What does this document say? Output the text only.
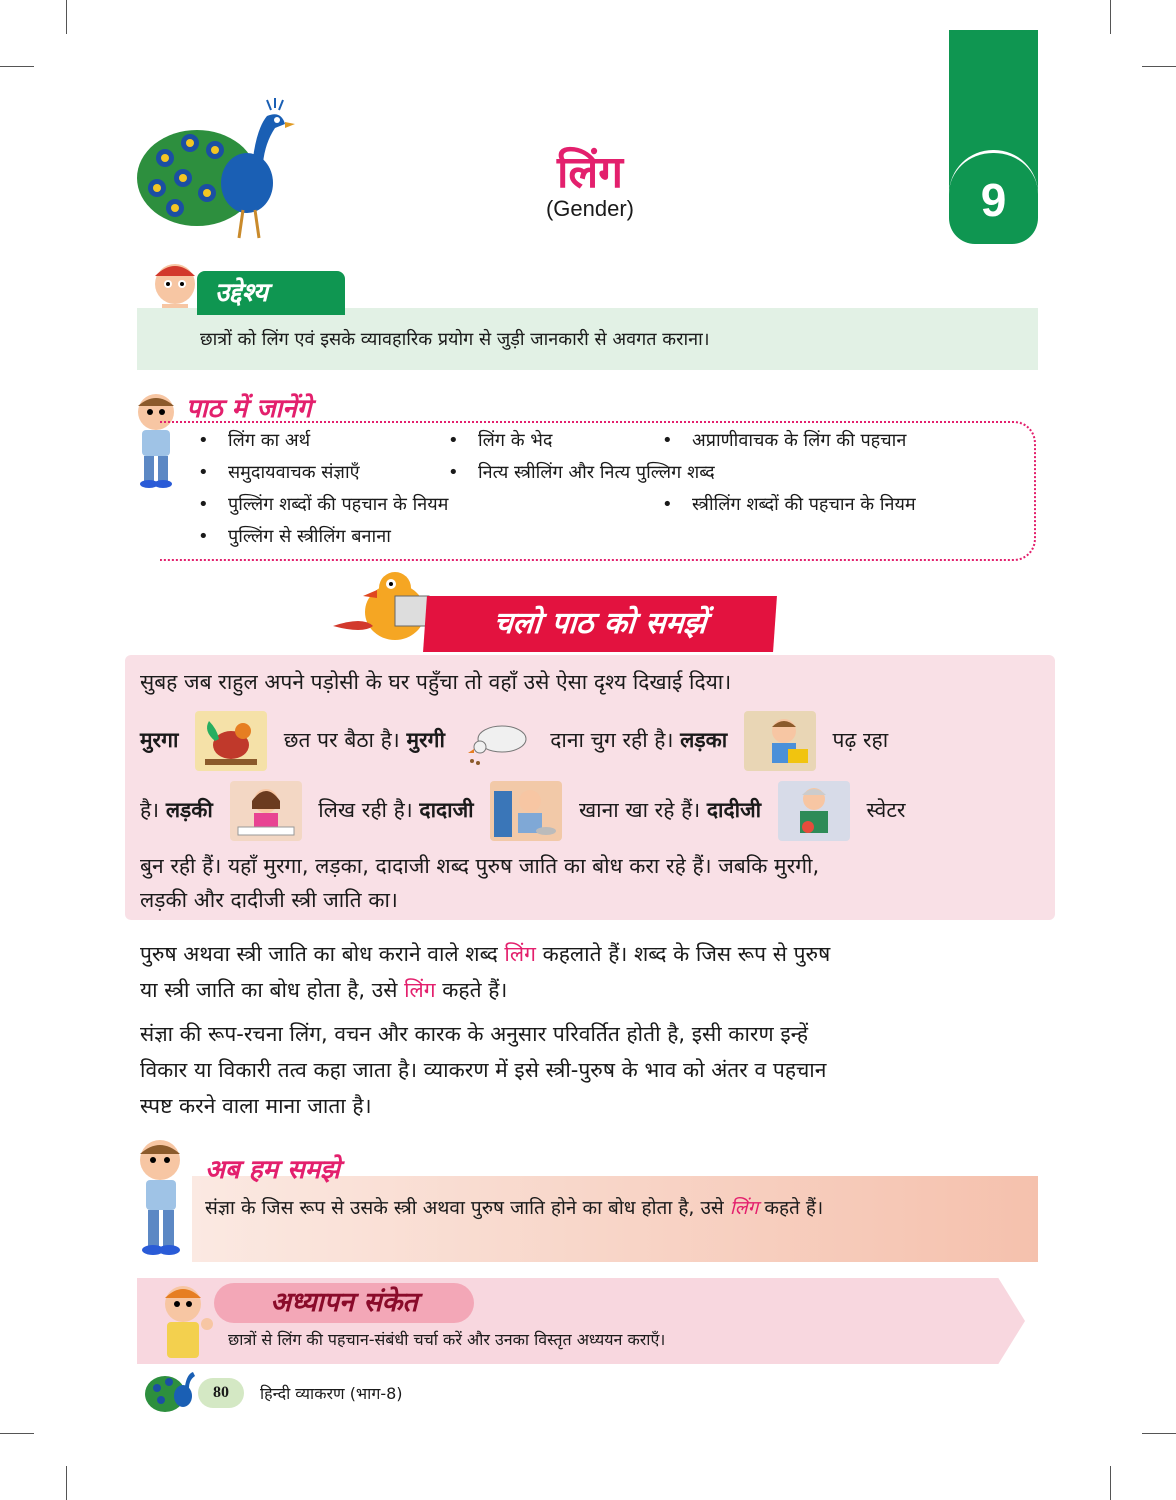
लिंग
(Gender)	9
उद्देश्य
छात्रों को लिंग एवं इसके व्यावहारिक प्रयोग से जुड़ी जानकारी से अवगत कराना।
पाठ में जानेंगे
• लिंग का अर्थ	• लिंग के भेद	• अप्राणीवाचक के लिंग की पहचान
• समुदायवाचक संज्ञाएँ	• नित्य स्त्रीलिंग और नित्य पुल्लिग शब्द
• पुल्लिंग शब्दों की पहचान के नियम	• स्त्रीलिंग शब्दों की पहचान के नियम
• पुल्लिंग से स्त्रीलिंग बनाना
चलो पाठ को समझें
सुबह जब राहुल अपने पड़ोसी के घर पहुँचा तो वहाँ उसे ऐसा दृश्य दिखाई दिया।
मुरगा	छत पर बैठा है। मुरगी	दाना चुग रही है। लड़का	पढ़ रहा
है। लड़की	लिख रही है। दादाजी	खाना खा रहे हैं। दादीजी	स्वेटर
बुन रही हैं। यहाँ मुरगा, लड़का, दादाजी शब्द पुरुष जाति का बोध करा रहे हैं। जबकि मुरगी,
लड़की और दादीजी स्त्री जाति का।
पुरुष अथवा स्त्री जाति का बोध कराने वाले शब्द लिंग कहलाते हैं। शब्द के जिस रूप से पुरुष
या स्त्री जाति का बोध होता है, उसे लिंग कहते हैं।
संज्ञा की रूप-रचना लिंग, वचन और कारक के अनुसार परिवर्तित होती है, इसी कारण इन्हें
विकार या विकारी तत्व कहा जाता है। व्याकरण में इसे स्त्री-पुरुष के भाव को अंतर व पहचान
स्पष्ट करने वाला माना जाता है।
अब हम समझे
संज्ञा के जिस रूप से उसके स्त्री अथवा पुरुष जाति होने का बोध होता है, उसे लिंग कहते हैं।
अध्यापन संकेत
छात्रों से लिंग की पहचान-संबंधी चर्चा करें और उनका विस्तृत अध्ययन कराएँ।
80	हिन्दी व्याकरण (भाग-8)
